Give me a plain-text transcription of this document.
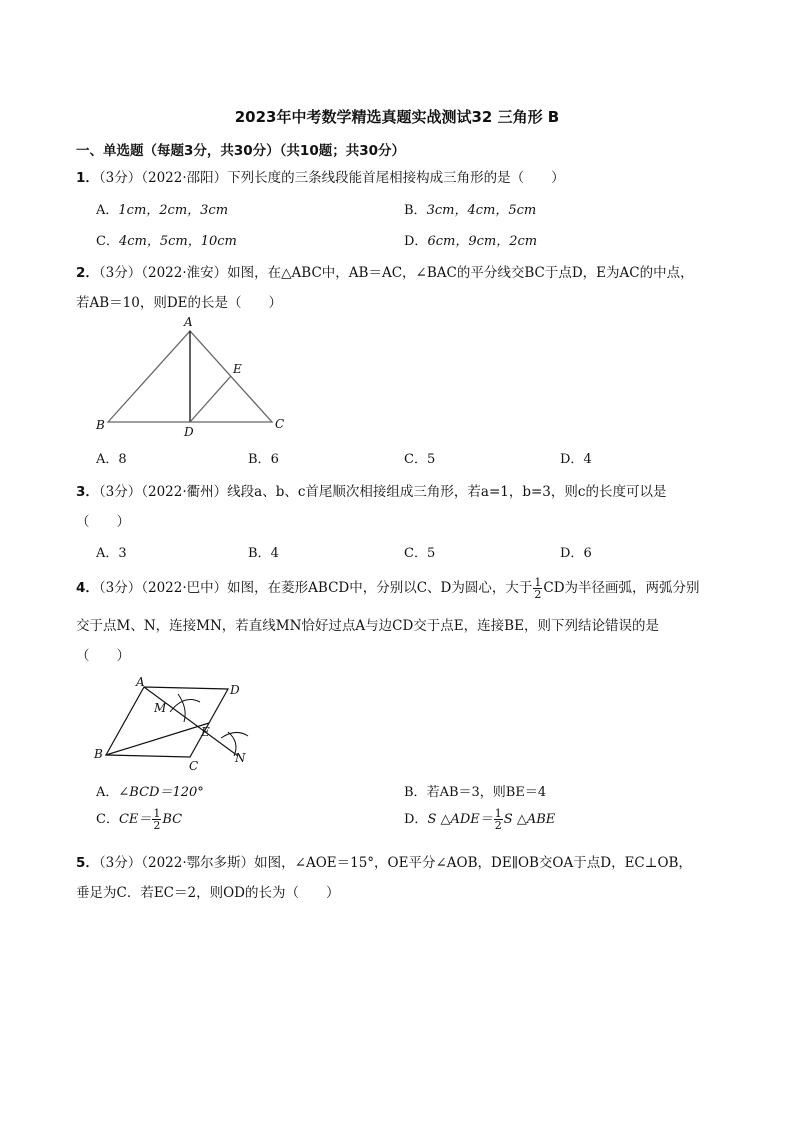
2023年中考数学精选真题实战测试32 三角形 B
一、单选题（每题3分，共30分）（共10题；共30分）
1．（3分）（2022·邵阳）下列长度的三条线段能首尾相接构成三角形的是（　　）
A．1cm，2cm，3cm	B．3cm，4cm，5cm
C．4cm，5cm，10cm	D．6cm，9cm，2cm
2．（3分）（2022·淮安）如图，在△ABC中，AB＝AC，∠BAC的平分线交BC于点D，E为AC的中点，
若AB＝10，则DE的长是（　　）
A
B	C
D
E
A．8	B．6	C．5	D．4
3．（3分）（2022·衢州）线段a、b、c首尾顺次相接组成三角形，若a=1，b=3，则c的长度可以是
（　　）
A．3	B．4	C．5	D．6
4．（3分）（2022·巴中）如图，在菱形ABCD中，分别以C、D为圆心，大于 $\frac{1}{2}$ CD为半径画弧，两弧分别
交于点M、N，连接MN，若直线MN恰好过点A与边CD交于点E，连接BE，则下列结论错误的是
（　　）
A
B
C
D
E
M
N
A．∠BCD＝120°	B．若AB＝3，则BE＝4
C．$CE= \frac{1}{2}$ BC	D．S △ADE＝ $\frac{1}{2}$ S △ABE
5．（3分）（2022·鄂尔多斯）如图，∠AOE＝15°，OE平分∠AOB，DE∥OB交OA于点D，EC⊥OB，
垂足为C．若EC＝2，则OD的长为（　　）
